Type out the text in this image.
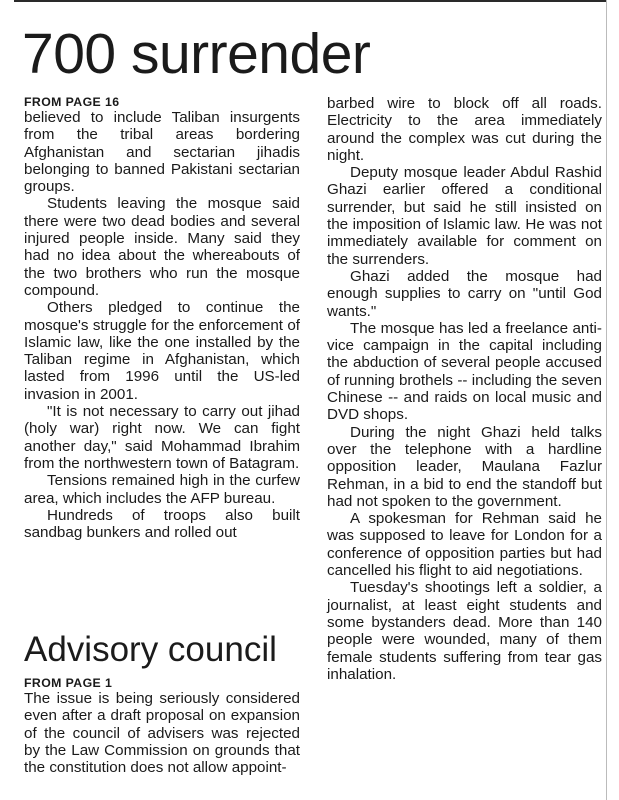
700 surrender

FROM PAGE 16

believed to include Taliban insurgents from the tribal areas bordering Afghanistan and sectarian jihadis belonging to banned Pakistani sectarian groups.

Students leaving the mosque said there were two dead bodies and several injured people inside. Many said they had no idea about the whereabouts of the two brothers who run the mosque compound.

Others pledged to continue the mosque's struggle for the enforcement of Islamic law, like the one installed by the Taliban regime in Afghanistan, which lasted from 1996 until the US-led invasion in 2001.

"It is not necessary to carry out jihad (holy war) right now. We can fight another day," said Mohammad Ibrahim from the northwestern town of Batagram.

Tensions remained high in the curfew area, which includes the AFP bureau.

Hundreds of troops also built sandbag bunkers and rolled out

Advisory council

FROM PAGE 1

The issue is being seriously considered even after a draft proposal on expansion of the council of advisers was rejected by the Law Commission on grounds that the constitution does not allow appoint-

barbed wire to block off all roads. Electricity to the area immediately around the complex was cut during the night.

Deputy mosque leader Abdul Rashid Ghazi earlier offered a conditional surrender, but said he still insisted on the imposition of Islamic law. He was not immediately available for comment on the surrenders.

Ghazi added the mosque had enough supplies to carry on "until God wants."

The mosque has led a freelance anti-vice campaign in the capital including the abduction of several people accused of running brothels -- including the seven Chinese -- and raids on local music and DVD shops.

During the night Ghazi held talks over the telephone with a hardline opposition leader, Maulana Fazlur Rehman, in a bid to end the standoff but had not spoken to the government.

A spokesman for Rehman said he was supposed to leave for London for a conference of opposition parties but had cancelled his flight to aid negotiations.

Tuesday's shootings left a soldier, a journalist, at least eight students and some bystanders dead. More than 140 people were wounded, many of them female students suffering from tear gas inhalation.
